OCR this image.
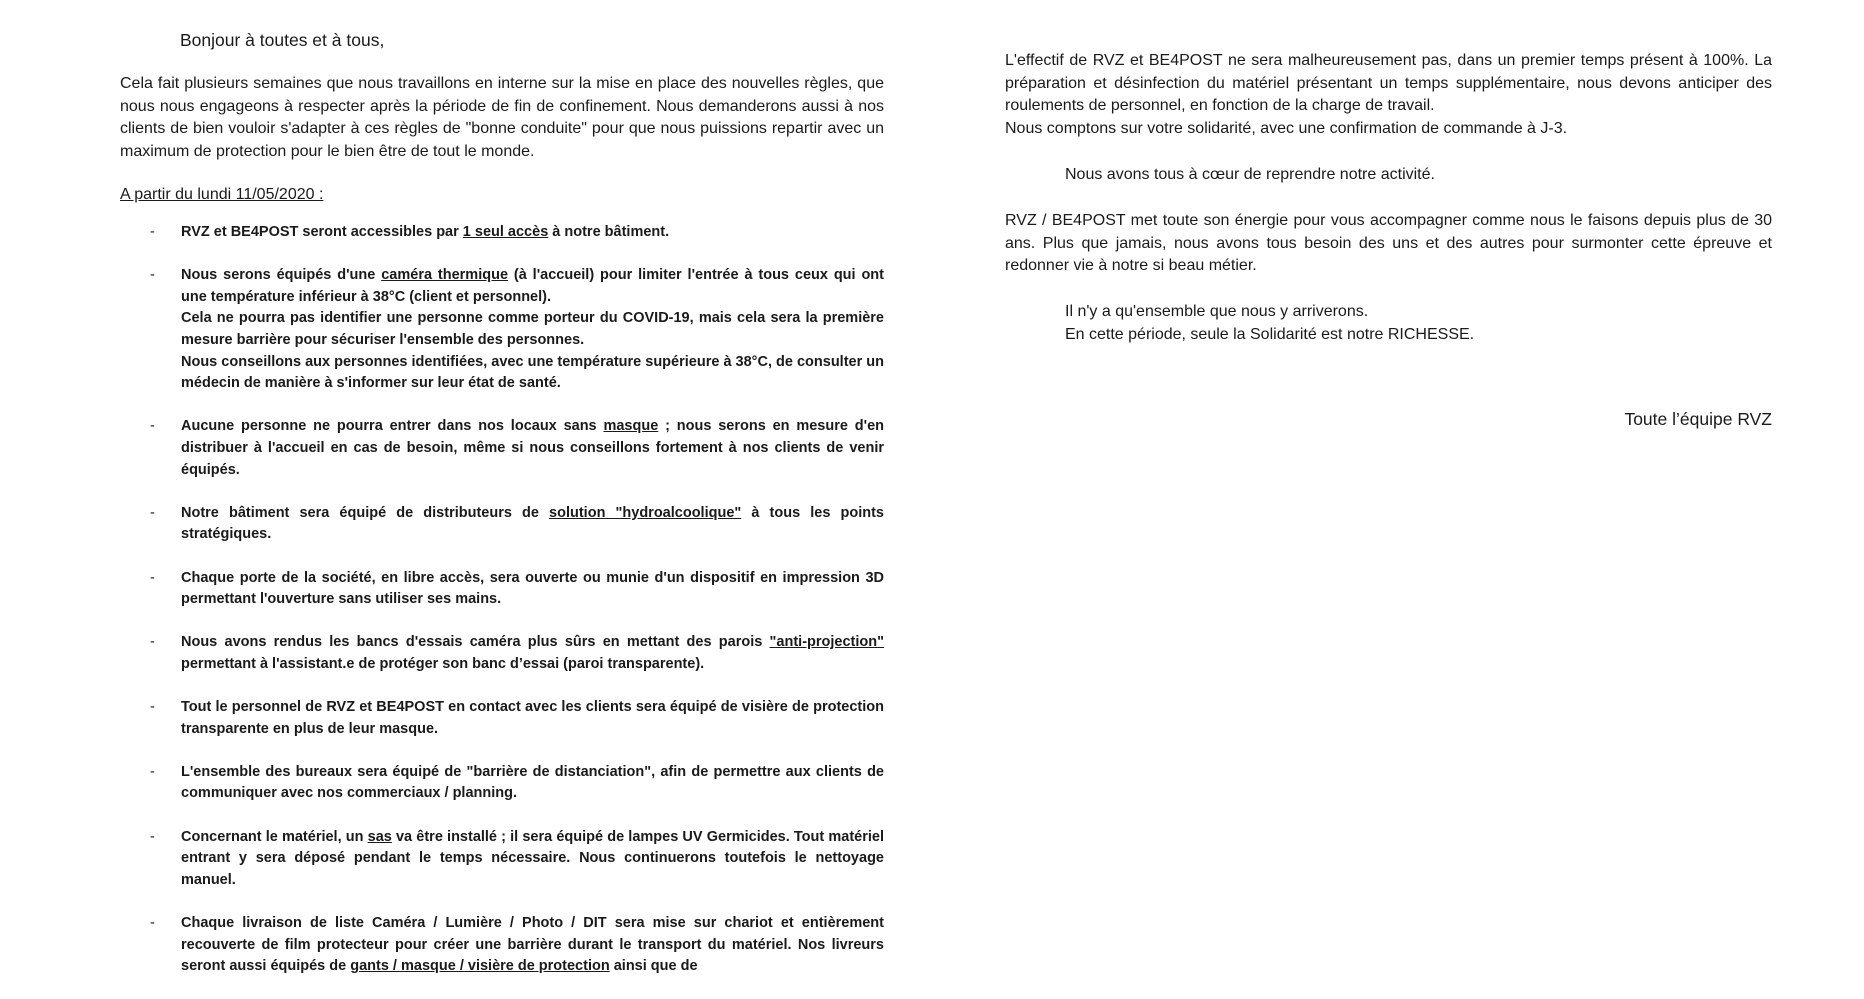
Bonjour à toutes et à tous,

Cela fait plusieurs semaines que nous travaillons en interne sur la mise en place des nouvelles règles, que nous nous engageons à respecter après la période de fin de confinement. Nous demanderons aussi à nos clients de bien vouloir s'adapter à ces règles de "bonne conduite" pour que nous puissions repartir avec un maximum de protection pour le bien être de tout le monde.

A partir du lundi 11/05/2020 :
- RVZ et BE4POST seront accessibles par 1 seul accès à notre bâtiment.
- Nous serons équipés d'une caméra thermique (à l'accueil) pour limiter l'entrée à tous ceux qui ont une température inférieur à 38°C (client et personnel).
Cela ne pourra pas identifier une personne comme porteur du COVID-19, mais cela sera la première mesure barrière pour sécuriser l'ensemble des personnes.
Nous conseillons aux personnes identifiées, avec une température supérieure à 38°C, de consulter un médecin de manière à s'informer sur leur état de santé.
- Aucune personne ne pourra entrer dans nos locaux sans masque ; nous serons en mesure d'en distribuer à l'accueil en cas de besoin, même si nous conseillons fortement à nos clients de venir équipés.
- Notre bâtiment sera équipé de distributeurs de solution "hydroalcoolique" à tous les points stratégiques.
- Chaque porte de la société, en libre accès, sera ouverte ou munie d'un dispositif en impression 3D permettant l'ouverture sans utiliser ses mains.
- Nous avons rendus les bancs d'essais caméra plus sûrs en mettant des parois "anti-projection" permettant à l'assistant.e de protéger son banc d’essai (paroi transparente).
- Tout le personnel de RVZ et BE4POST en contact avec les clients sera équipé de visière de protection transparente en plus de leur masque.
- L'ensemble des bureaux sera équipé de "barrière de distanciation", afin de permettre aux clients de communiquer avec nos commerciaux / planning.
- Concernant le matériel, un sas va être installé ; il sera équipé de lampes UV Germicides. Tout matériel entrant y sera déposé pendant le temps nécessaire. Nous continuerons toutefois le nettoyage manuel.
- Chaque livraison de liste Caméra / Lumière / Photo / DIT sera mise sur chariot et entièrement recouverte de film protecteur pour créer une barrière durant le transport du matériel. Nos livreurs seront aussi équipés de gants / masque / visière de protection ainsi que de

L'effectif de RVZ et BE4POST ne sera malheureusement pas, dans un premier temps présent à 100%. La préparation et désinfection du matériel présentant un temps supplémentaire, nous devons anticiper des roulements de personnel, en fonction de la charge de travail.
Nous comptons sur votre solidarité, avec une confirmation de commande à J-3.

Nous avons tous à cœur de reprendre notre activité.

RVZ / BE4POST met toute son énergie pour vous accompagner comme nous le faisons depuis plus de 30 ans. Plus que jamais, nous avons tous besoin des uns et des autres pour surmonter cette épreuve et redonner vie à notre si beau métier.

Il n'y a qu'ensemble que nous y arriverons.
En cette période, seule la Solidarité est notre RICHESSE.

Toute l’équipe RVZ
